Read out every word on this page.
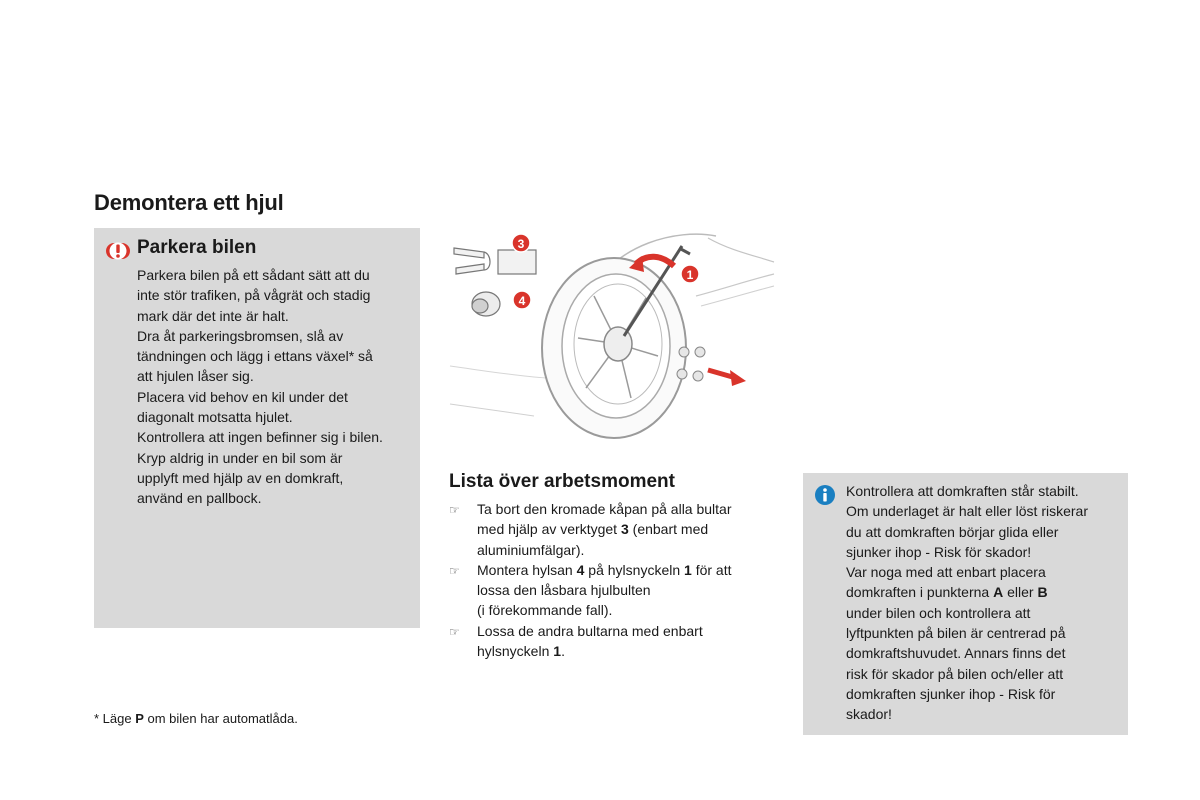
Demontera ett hjul
Parkera bilen
Parkera bilen på ett sådant sätt att du
inte stör trafiken, på vågrät och stadig
mark där det inte är halt.
Dra åt parkeringsbromsen, slå av
tändningen och lägg i ettans växel* så
att hjulen låser sig.
Placera vid behov en kil under det
diagonalt motsatta hjulet.
Kontrollera att ingen befinner sig i bilen.
Kryp aldrig in under en bil som är
upplyft med hjälp av en domkraft,
använd en pallbock.
3
4
1
Lista över arbetsmoment
☞ Ta bort den kromade kåpan på alla bultar
med hjälp av verktyget 3 (enbart med
aluminiumfälgar).
☞ Montera hylsan 4 på hylsnyckeln 1 för att
lossa den låsbara hjulbulten
(i förekommande fall).
☞ Lossa de andra bultarna med enbart
hylsnyckeln 1.
Kontrollera att domkraften står stabilt.
Om underlaget är halt eller löst riskerar
du att domkraften börjar glida eller
sjunker ihop - Risk för skador!
Var noga med att enbart placera
domkraften i punkterna A eller B
under bilen och kontrollera att
lyftpunkten på bilen är centrerad på
domkraftshuvudet. Annars finns det
risk för skador på bilen och/eller att
domkraften sjunker ihop - Risk för
skador!
* Läge P om bilen har automatlåda.
